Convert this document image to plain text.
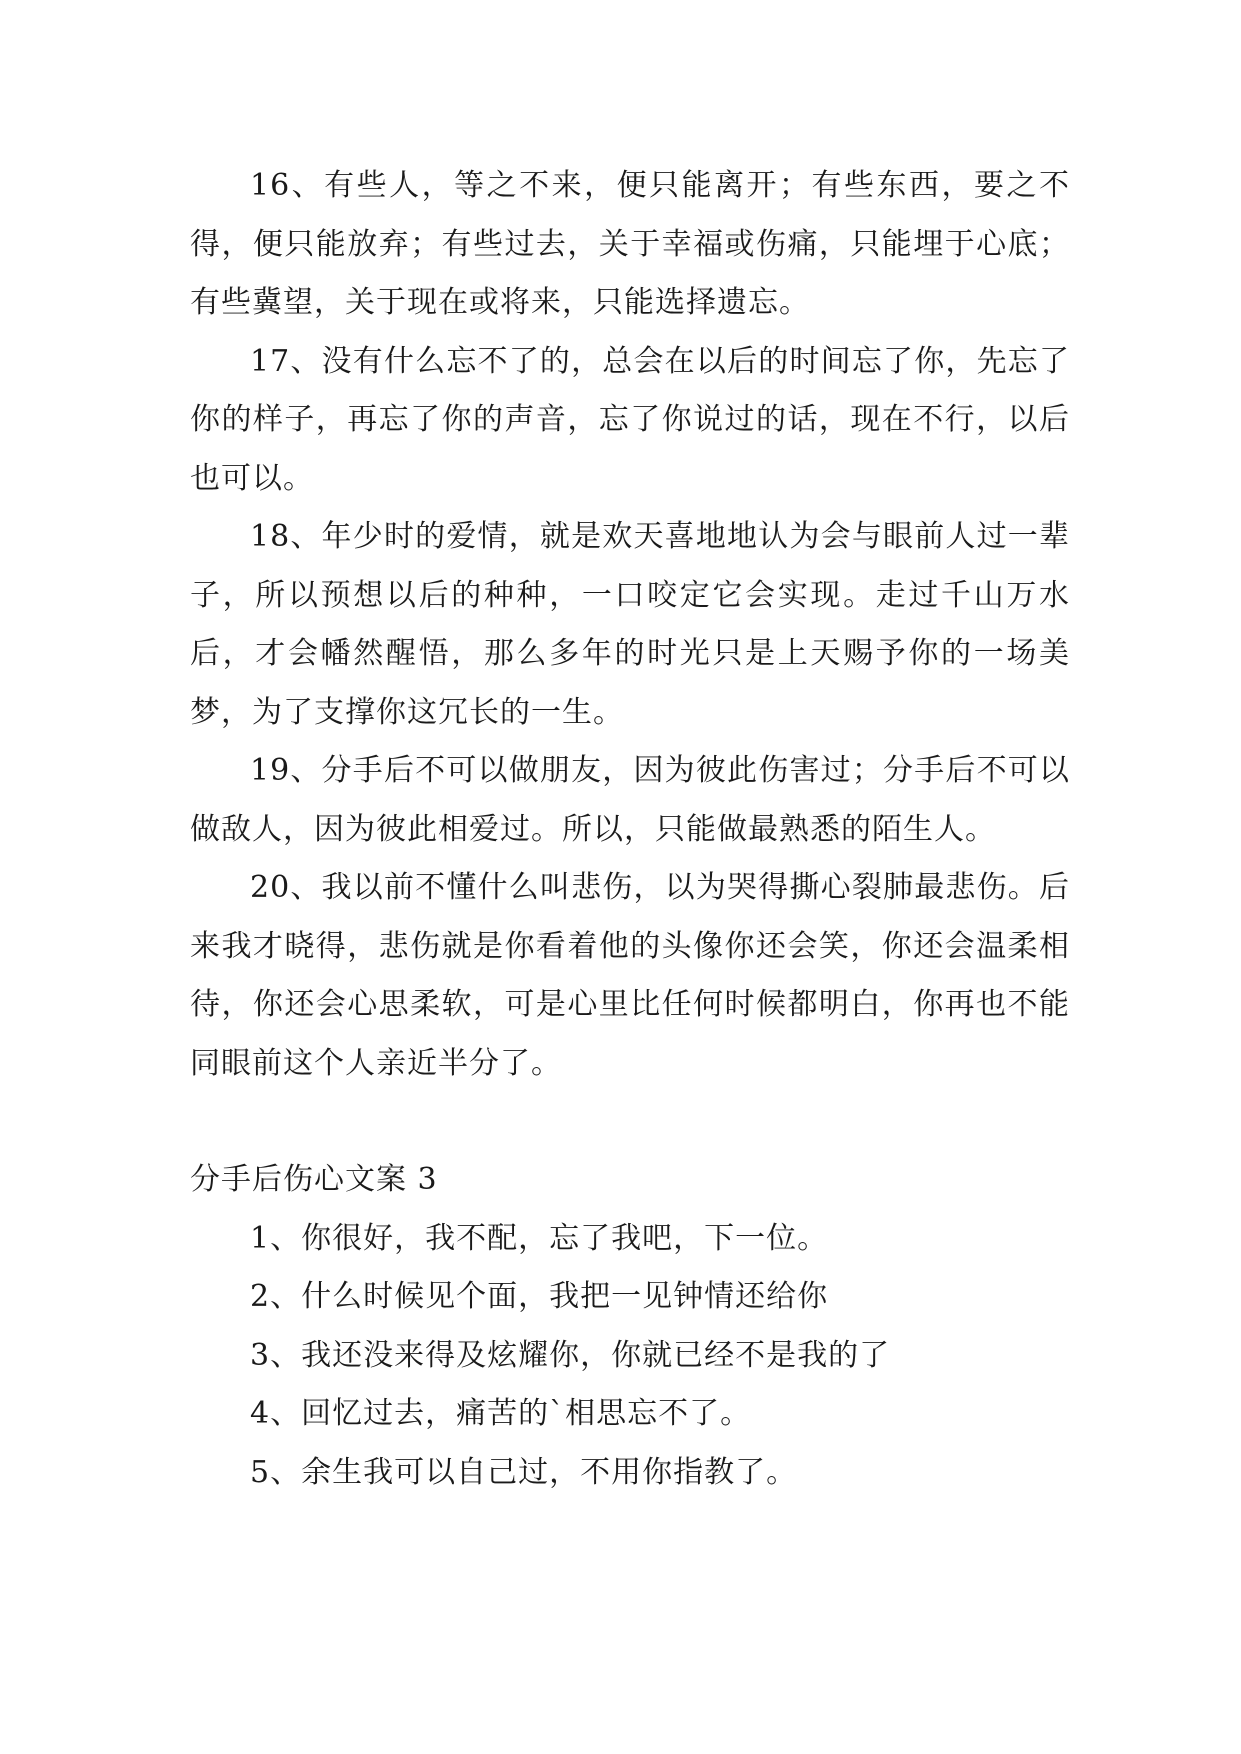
16、有些人，等之不来，便只能离开；有些东西，要之不得，便只能放弃；有些过去，关于幸福或伤痛，只能埋于心底；有些冀望，关于现在或将来，只能选择遗忘。

17、没有什么忘不了的，总会在以后的时间忘了你，先忘了你的样子，再忘了你的声音，忘了你说过的话，现在不行，以后也可以。

18、年少时的爱情，就是欢天喜地地认为会与眼前人过一辈子，所以预想以后的种种，一口咬定它会实现。走过千山万水后，才会幡然醒悟，那么多年的时光只是上天赐予你的一场美梦，为了支撑你这冗长的一生。

19、分手后不可以做朋友，因为彼此伤害过；分手后不可以做敌人，因为彼此相爱过。所以，只能做最熟悉的陌生人。

20、我以前不懂什么叫悲伤，以为哭得撕心裂肺最悲伤。后来我才晓得，悲伤就是你看着他的头像你还会笑，你还会温柔相待，你还会心思柔软，可是心里比任何时候都明白，你再也不能同眼前这个人亲近半分了。

分手后伤心文案 3

1、你很好，我不配，忘了我吧，下一位。

2、什么时候见个面，我把一见钟情还给你

3、我还没来得及炫耀你，你就已经不是我的了

4、回忆过去，痛苦的`相思忘不了。

5、余生我可以自己过，不用你指教了。
